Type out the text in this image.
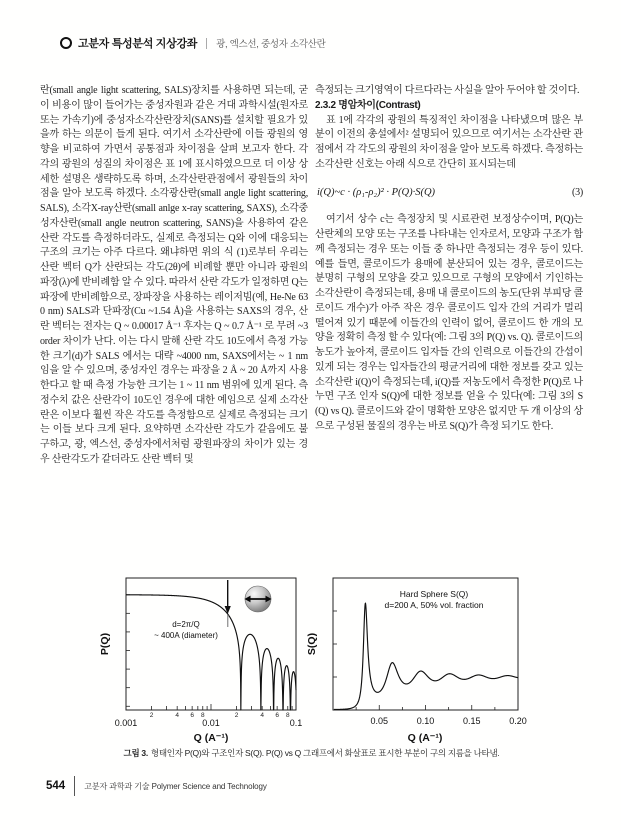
고분자 특성분석 지상강좌 광, 엑스선, 중성자 소각산란

란(small angle light scattering, SALS)장치를 사용하면 되는데, 굳이 비용이 많이 들어가는 중성자원과 같은 거대 과학시설(원자로 또는 가속기)에 중성자소각산란장치(SANS)를 설치할 필요가 있을까 하는 의문이 들게 된다. 여기서 소각산란에 이들 광원의 영향을 비교하여 가면서 공통점과 차이점을 살펴 보고자 한다. 각 각의 광원의 성질의 차이점은 표 1에 표시하였으므로 더 이상 상세한 설명은 생략하도록 하며, 소각산란관점에서 광원들의 차이점을 알아 보도록 하겠다. 소각광산란(small angle light scattering, SALS), 소각X-ray산란(small anlge x-ray scattering, SAXS), 소각중성자산란(small angle neutron scattering, SANS)을 사용하여 같은 산란 각도를 측정하더라도, 실제로 측정되는 Q와 이에 대응되는 구조의 크기는 아주 다르다. 왜냐하면 위의 식 (1)로부터 우리는 산란 벡터 Q가 산란되는 각도(2θ)에 비례할 뿐만 아니라 광원의 파장(λ)에 반비례함 알 수 있다. 따라서 산란 각도가 일정하면 Q는 파장에 반비례함으로, 장파장을 사용하는 레이저빔(예, He-Ne 630 nm) SALS과 단파장(Cu ~1.54 Å)을 사용하는 SAXS의 경우, 산란 벡터는 전자는 Q ~ 0.00017 Å⁻¹ 후자는 Q ~ 0.7 Å⁻¹ 로 무려 ~3 order 차이가 난다. 이는 다시 말해 산란 각도 10도에서 측정 가능한 크기(d)가 SALS 에서는 대략 ~4000 nm, SAXS에서는 ~ 1 nm 임을 알 수 있으며, 중성자인 경우는 파장을 2 Å ~ 20 Å까지 사용한다고 할 때 측정 가능한 크기는 1 ~ 11 nm 범위에 있게 된다. 측정수치 값은 산란각이 10도인 경우에 대한 예임으로 실제 소각산란은 이보다 훨씬 작은 각도를 측정함으로 실제로 측정되는 크기는 이들 보다 크게 된다. 요약하면 소각산란 각도가 같음에도 불구하고, 광, 엑스선, 중성자에서처럼 광원파장의 차이가 있는 경우 산란각도가 같더라도 산란 벡터 및

측정되는 크기영역이 다르다라는 사실을 알아 두어야 할 것이다.

2.3.2 명암차이(Contrast)

표 1에 각각의 광원의 특징적인 차이점을 나타냈으며 많은 부분이 이전의 총설에서² 설명되어 있으므로 여기서는 소각산란 관점에서 각 각도의 광원의 차이점을 알아 보도록 하겠다. 측정하는 소각산란 신호는 아래 식으로 간단히 표시되는데

i(Q)~c · (ρ₁-ρ₂)² · P(Q)·S(Q)	(3)

여기서 상수 c는 측정장치 및 시료관련 보정상수이며, P(Q)는 산란체의 모양 또는 구조를 나타내는 인자로서, 모양과 구조가 함께 측정되는 경우 또는 이들 중 하나만 측정되는 경우 등이 있다. 예를 들면, 콜로이드가 용매에 분산되어 있는 경우, 콜로이드는 분명히 구형의 모양을 갖고 있으므로 구형의 모양에서 기인하는 소각산란이 측정되는데, 용매 내 콜로이드의 농도(단위 부피당 콜로이드 개수)가 아주 작은 경우 콜로이드 입자 간의 거리가 멀리 떨어져 있기 때문에 이들간의 인력이 없어, 콜로이드 한 개의 모양을 정확히 측정 할 수 있다(예: 그림 3의 P(Q) vs. Q). 콜로이드의 농도가 높아져, 콜로이드 입자들 간의 인력으로 이들간의 간섭이 있게 되는 경우는 입자들간의 평균거리에 대한 정보를 갖고 있는 소각산란 i(Q)이 측정되는데, i(Q)를 저농도에서 측정한 P(Q)로 나누면 구조 인자 S(Q)에 대한 정보를 얻을 수 있다(예: 그림 3의 S(Q) vs Q). 콜로이드와 같이 명확한 모양은 없지만 두 개 이상의 상으로 구성된 물질의 경우는 바로 S(Q)가 측정 되기도 한다.

2	2
4	4
6	6
8	8
0.001	0.01	0.1
d=2π/Q
~ 400A (diameter)
P(Q)
Q (A⁻¹)
0.05	0.10	0.15	0.20
Hard Sphere S(Q)
d=200 A, 50% vol. fraction
S(Q)
Q (A⁻¹)
그림 3. 형태인자 P(Q)와 구조인자 S(Q). P(Q) vs Q 그래프에서 화살표로 표시한 부분이 구의 지름을 나타냄.
544 고분자 과학과 기술 Polymer Science and Technology
